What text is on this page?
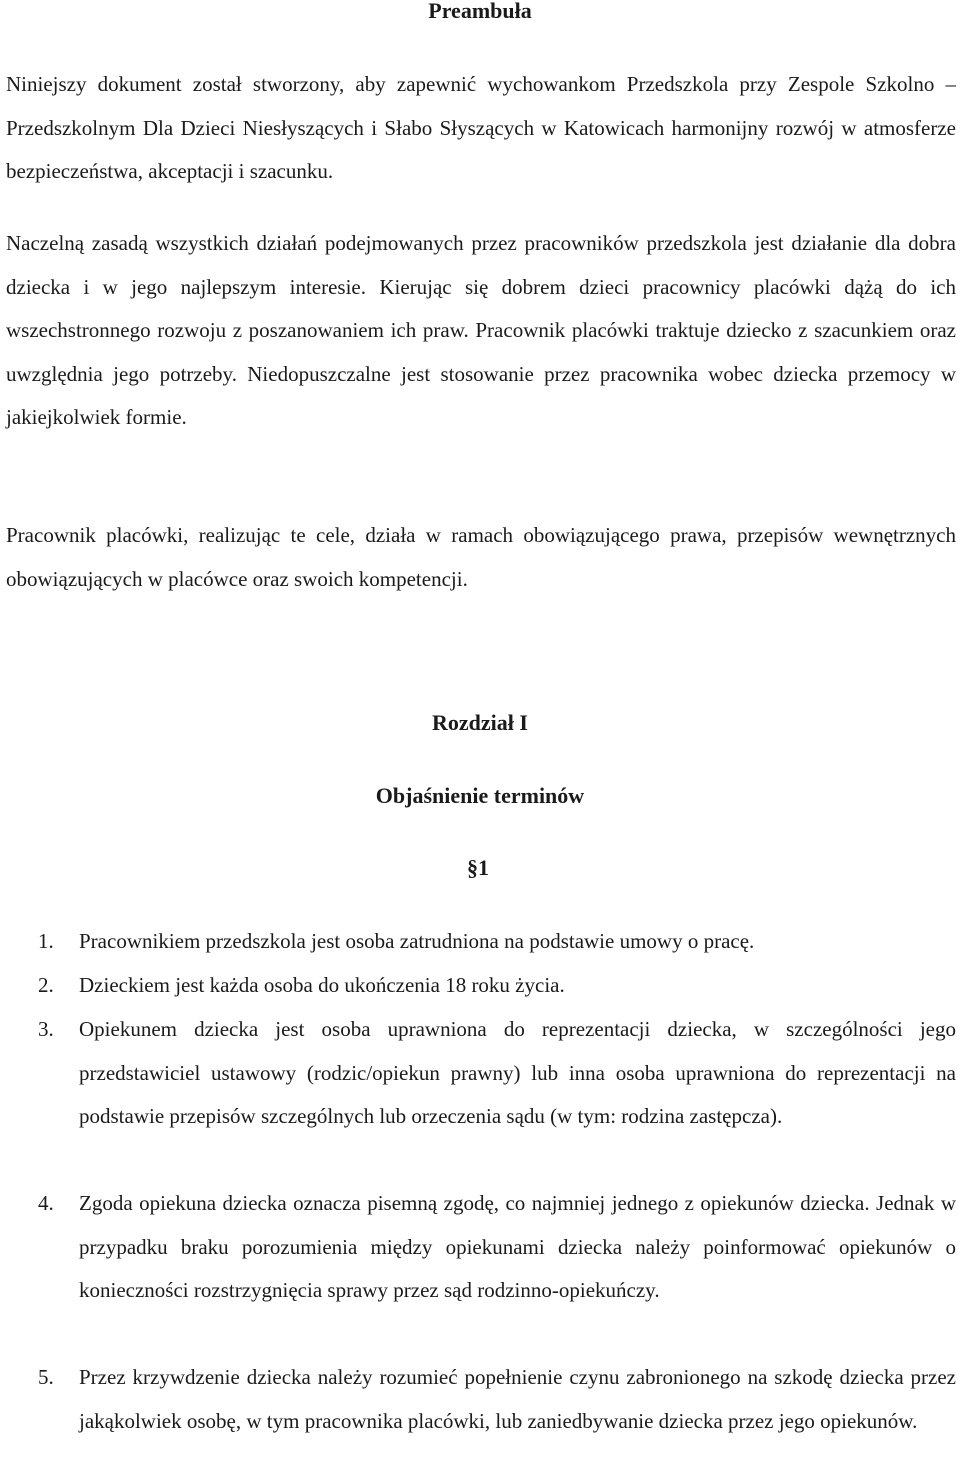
Preambuła

Niniejszy dokument został stworzony, aby zapewnić wychowankom Przedszkola przy Zespole Szkolno – Przedszkolnym Dla Dzieci Niesłyszących i Słabo Słyszących w Katowicach harmonijny rozwój w atmosferze bezpieczeństwa, akceptacji i szacunku.

Naczelną zasadą wszystkich działań podejmowanych przez pracowników przedszkola jest działanie dla dobra dziecka i w jego najlepszym interesie. Kierując się dobrem dzieci pracownicy placówki dążą do ich wszechstronnego rozwoju z poszanowaniem ich praw. Pracownik placówki traktuje dziecko z szacunkiem oraz uwzględnia jego potrzeby. Niedopuszczalne jest stosowanie przez pracownika wobec dziecka przemocy w jakiejkolwiek formie.

Pracownik placówki, realizując te cele, działa w ramach obowiązującego prawa, przepisów wewnętrznych obowiązujących w placówce oraz swoich kompetencji.

Rozdział I
Objaśnienie terminów

§1

1.	Pracownikiem przedszkola jest osoba zatrudniona na podstawie umowy o pracę.

2.	Dzieckiem jest każda osoba do ukończenia 18 roku życia.

3.	Opiekunem dziecka jest osoba uprawniona do reprezentacji dziecka, w szczególności jego przedstawiciel ustawowy (rodzic/opiekun prawny) lub inna osoba uprawniona do reprezentacji na podstawie przepisów szczególnych lub orzeczenia sądu (w tym: rodzina zastępcza).

4.	Zgoda opiekuna dziecka oznacza pisemną zgodę, co najmniej jednego z opiekunów dziecka. Jednak w przypadku braku porozumienia między opiekunami dziecka należy poinformować opiekunów o konieczności rozstrzygnięcia sprawy przez sąd rodzinno-opiekuńczy.

5.	Przez krzywdzenie dziecka należy rozumieć popełnienie czynu zabronionego na szkodę dziecka przez jakąkolwiek osobę, w tym pracownika placówki, lub zaniedbywanie dziecka przez jego opiekunów.
